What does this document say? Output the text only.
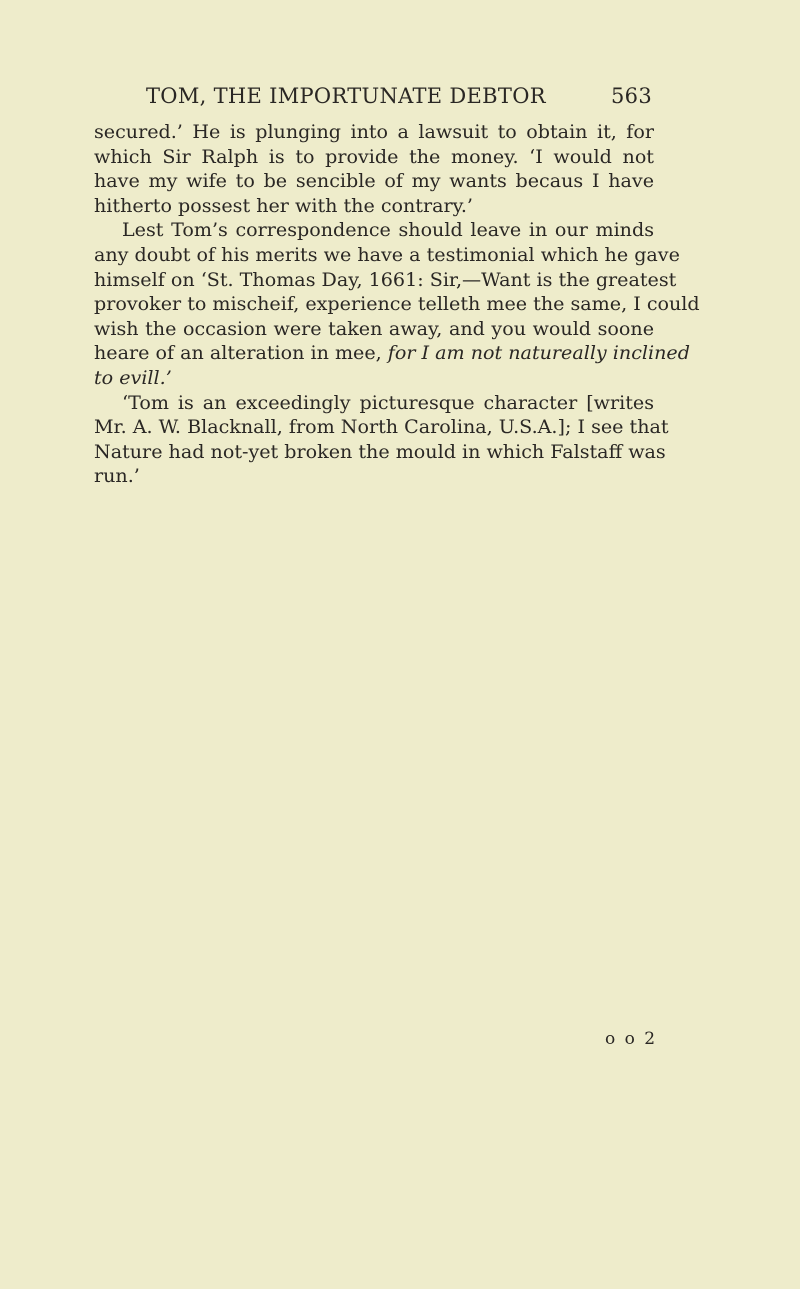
TOM, THE IMPORTUNATE DEBTOR	563
secured.’ He is plunging into a lawsuit to obtain it, for
which Sir Ralph is to provide the money. ‘I would not
have my wife to be sencible of my wants becaus I have
hitherto possest her with the contrary.’
Lest Tom’s correspondence should leave in our minds
any doubt of his merits we have a testimonial which he gave
himself on ‘St. Thomas Day, 1661: Sir,—Want is the greatest
provoker to mischeif, experience telleth mee the same, I could
wish the occasion were taken away, and you would soone
heare of an alteration in mee, for I am not natureally inclined
to evill.’
‘Tom is an exceedingly picturesque character [writes
Mr. A. W. Blacknall, from North Carolina, U.S.A.]; I see that
Nature had not-yet broken the mould in which Falstaff was
run.’
o o 2
